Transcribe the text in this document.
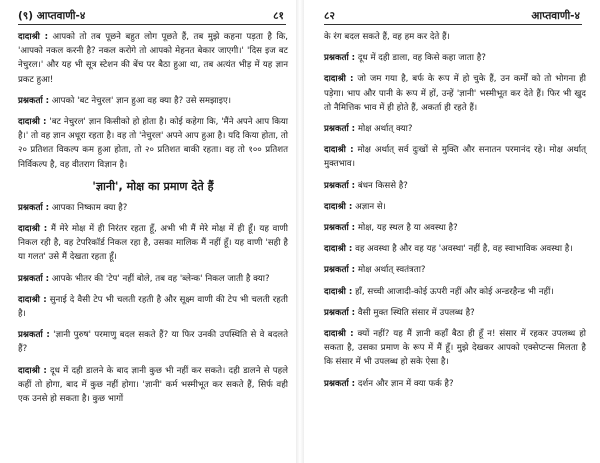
(९) आप्तवाणी-४	८१

दादाश्री : आपको तो तब पूछने बहुत लोग पूछते हैं, तब मुझे कहना पड़ता है कि, 'आपको नकल करनी है? नकल करोगे तो आपको मेहनत बेकार जाएगी।' 'दिस इज बट नेचुरल।' और यह भी सूत्र स्टेशन की बेंच पर बैठा हुआ था, तब अत्यंत भीड़ में यह ज्ञान प्रकट हुआ!

प्रश्नकर्ता : आपको 'बट नेचुरल' ज्ञान हुआ वह क्या है? उसे समझाइए।

दादाश्री : 'बट नेचुरल' ज्ञान किसीको हो होता है। कोई कहेगा कि, 'मैंने अपने आप किया है।' तो वह ज्ञान अधूरा रहता है। वह तो 'नेचुरल' अपने आप हुआ है। यदि किया होता, तो २० प्रतिशत विकल्प कम हुआ होता, तो २० प्रतिशत बाकी रहता। वह तो १०० प्रतिशत निर्विकल्प है, वह वीतराग विज्ञान है।

'ज्ञानी', मोक्ष का प्रमाण देते हैं

प्रश्नकर्ता : आपका निष्काम क्या है?

दादाश्री : मैं मेरे मोक्ष में ही निरंतर रहता हूँ, अभी भी मैं मेरे मोक्ष में ही हूँ। यह वाणी निकल रही है, वह टेपरिकॉर्ड निकल रहा है, उसका मालिक मैं नहीं हूँ। यह वाणी 'सही है या गलत' उसे मैं देखता रहता हूँ।

प्रश्नकर्ता : आपके भीतर की 'टेप' नहीं बोले, तब वह 'ब्लेन्क' निकल जाती है क्या?

दादाश्री : सुनाई दे वैसी टेप भी चलती रहती है और सूक्ष्म वाणी की टेप भी चलती रहती है।

प्रश्नकर्ता : 'ज्ञानी पुरुष' परमाणु बदल सकते हैं? या फिर उनकी उपस्थिति से वे बदलते हैं?

दादाश्री : दूध में दही डालने के बाद ज्ञानी कुछ भी नहीं कर सकते। दही डालने से पहले कहीं तो होगा, बाद में कुछ नहीं होगा। 'ज्ञानी' कर्म भस्मीभूत कर सकते हैं, सिर्फ वही एक उनसे हो सकता है। कुछ भागों

८२	आप्तवाणी-४

के रंग बदल सकते हैं, वह हम कर देते हैं।

प्रश्नकर्ता : दूध में दही डाला, वह किसे कहा जाता है?

दादाश्री : जो जम गया है, बर्फ के रूप में हो चुके हैं, उन कर्मों को तो भोगना ही पड़ेगा। भाप और पानी के रूप में हों, उन्हें 'ज्ञानी' भस्मीभूत कर देते हैं। फिर भी खुद तो नैमित्तिक भाव में ही होते हैं, अकर्ता ही रहते हैं।

प्रश्नकर्ता : मोक्ष अर्थात् क्या?

दादाश्री : मोक्ष अर्थात् सर्व दुःखों से मुक्ति और सनातन परमानंद रहे। मोक्ष अर्थात् मुक्तभाव।

प्रश्नकर्ता : बंधन किससे है?

दादाश्री : अज्ञान से।

प्रश्नकर्ता : मोक्ष, यह स्थल है या अवस्था है?

दादाश्री : वह अवस्था है और वह यह 'अवस्था' नहीं है, वह स्वाभाविक अवस्था है।

प्रश्नकर्ता : मोक्ष अर्थात् स्वतंत्रता?

दादाश्री : हाँ, सच्ची आजादी-कोई ऊपरी नहीं और कोई अन्डरहैन्ड भी नहीं।

प्रश्नकर्ता : वैसी मुक्त स्थिति संसार में उपलब्ध है?

दादाश्री : क्यों नहीं? यह मैं ज्ञानी कहाँ बैठा ही हूँ न! संसार में रहकर उपलब्ध हो सकता है, उसका प्रमाण के रूप में मैं हूँ। मुझे देखकर आपको एक्सेप्टन्स मिलता है कि संसार में भी उपलब्ध हो सके ऐसा है।

प्रश्नकर्ता : दर्शन और ज्ञान में क्या फर्क है?
